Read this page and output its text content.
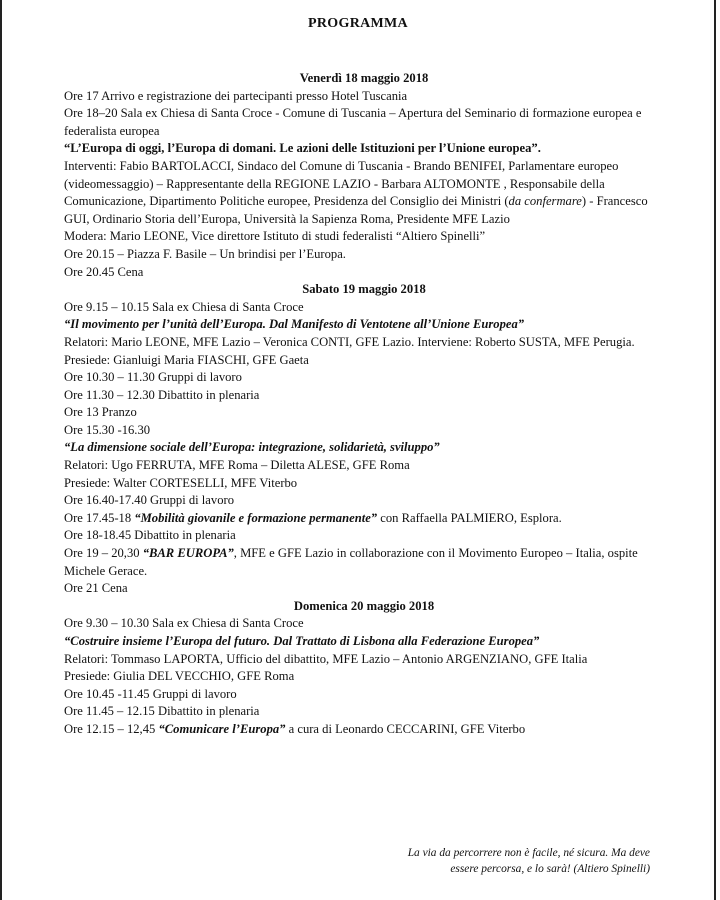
PROGRAMMA

Venerdì 18 maggio 2018

Ore 17 Arrivo e registrazione dei partecipanti presso Hotel Tuscania

Ore 18–20 Sala ex Chiesa di Santa Croce - Comune di Tuscania – Apertura del Seminario di formazione europea e federalista europea

“L’Europa di oggi, l’Europa di domani. Le azioni delle Istituzioni per l’Unione europea”.

Interventi: Fabio BARTOLACCI, Sindaco del Comune di Tuscania - Brando BENIFEI, Parlamentare europeo (videomessaggio) – Rappresentante della REGIONE LAZIO - Barbara ALTOMONTE , Responsabile della Comunicazione, Dipartimento Politiche europee, Presidenza del Consiglio dei Ministri (da confermare) - Francesco GUI, Ordinario Storia dell’Europa, Università la Sapienza Roma, Presidente MFE Lazio

Modera: Mario LEONE, Vice direttore Istituto di studi federalisti “Altiero Spinelli”

Ore 20.15 – Piazza F. Basile – Un brindisi per l’Europa.

Ore 20.45 Cena

Sabato 19 maggio 2018

Ore 9.15 – 10.15 Sala ex Chiesa di Santa Croce

“Il movimento per l’unità dell’Europa. Dal Manifesto di Ventotene all’Unione Europea”

Relatori: Mario LEONE, MFE Lazio – Veronica CONTI, GFE Lazio. Interviene: Roberto SUSTA, MFE Perugia.

Presiede: Gianluigi Maria FIASCHI, GFE Gaeta

Ore 10.30 – 11.30 Gruppi di lavoro

Ore 11.30 – 12.30 Dibattito in plenaria

Ore 13 Pranzo

Ore 15.30 -16.30

“La dimensione sociale dell’Europa: integrazione, solidarietà, sviluppo”

Relatori: Ugo FERRUTA, MFE Roma – Diletta ALESE, GFE Roma

Presiede: Walter CORTESELLI, MFE Viterbo

Ore 16.40-17.40 Gruppi di lavoro

Ore 17.45-18 “Mobilità giovanile e formazione permanente” con Raffaella PALMIERO, Esplora.

Ore 18-18.45 Dibattito in plenaria

Ore 19 – 20,30 “BAR EUROPA”, MFE e GFE Lazio in collaborazione con il Movimento Europeo – Italia, ospite Michele Gerace.

Ore 21 Cena

Domenica 20 maggio 2018

Ore 9.30 – 10.30 Sala ex Chiesa di Santa Croce

“Costruire insieme l’Europa del futuro. Dal Trattato di Lisbona alla Federazione Europea”

Relatori: Tommaso LAPORTA, Ufficio del dibattito, MFE Lazio – Antonio ARGENZIANO, GFE Italia

Presiede: Giulia DEL VECCHIO, GFE Roma

Ore 10.45 -11.45 Gruppi di lavoro

Ore 11.45 – 12.15 Dibattito in plenaria

Ore 12.15 – 12,45 “Comunicare l’Europa” a cura di Leonardo CECCARINI, GFE Viterbo

La via da percorrere non è facile, né sicura. Ma deve
essere percorsa, e lo sarà! (Altiero Spinelli)
